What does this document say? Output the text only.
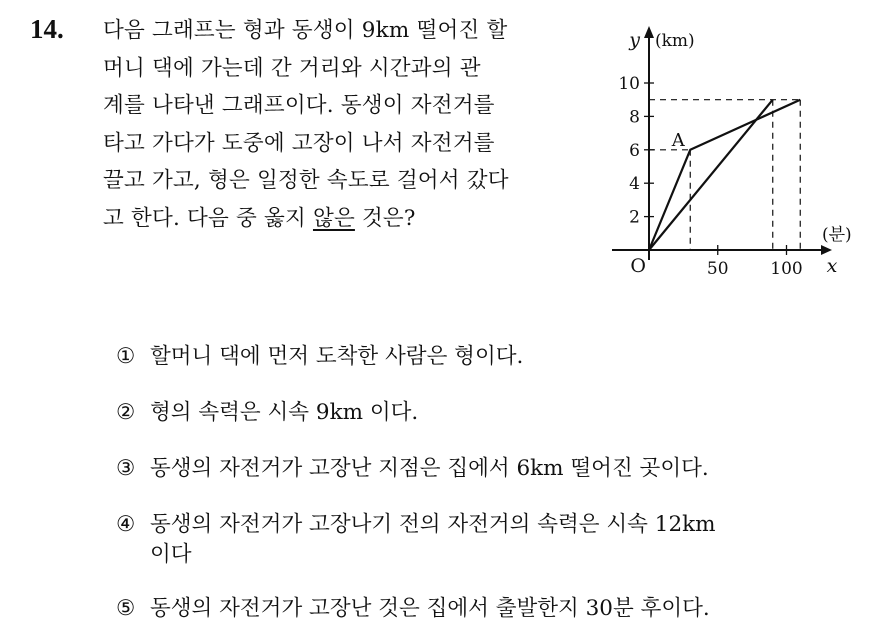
14. 다음 그래프는 형과 동생이 9km 떨어진 할
머니 댁에 가는데 간 거리와 시간과의 관
계를 나타낸 그래프이다. 동생이 자전거를
타고 가다가 도중에 고장이 나서 자전거를
끌고 가고, 형은 일정한 속도로 걸어서 갔다
고 한다. 다음 중 옳지 않은 것은?	2
4
6
8
10
50 100
y (km)
(분)
x
O
A
① 할머니 댁에 먼저 도착한 사람은 형이다.
② 형의 속력은 시속 9km 이다.
③ 동생의 자전거가 고장난 지점은 집에서 6km 떨어진 곳이다.
④ 동생의 자전거가 고장나기 전의 자전거의 속력은 시속 12km
이다
⑤ 동생의 자전거가 고장난 것은 집에서 출발한지 30분 후이다.
